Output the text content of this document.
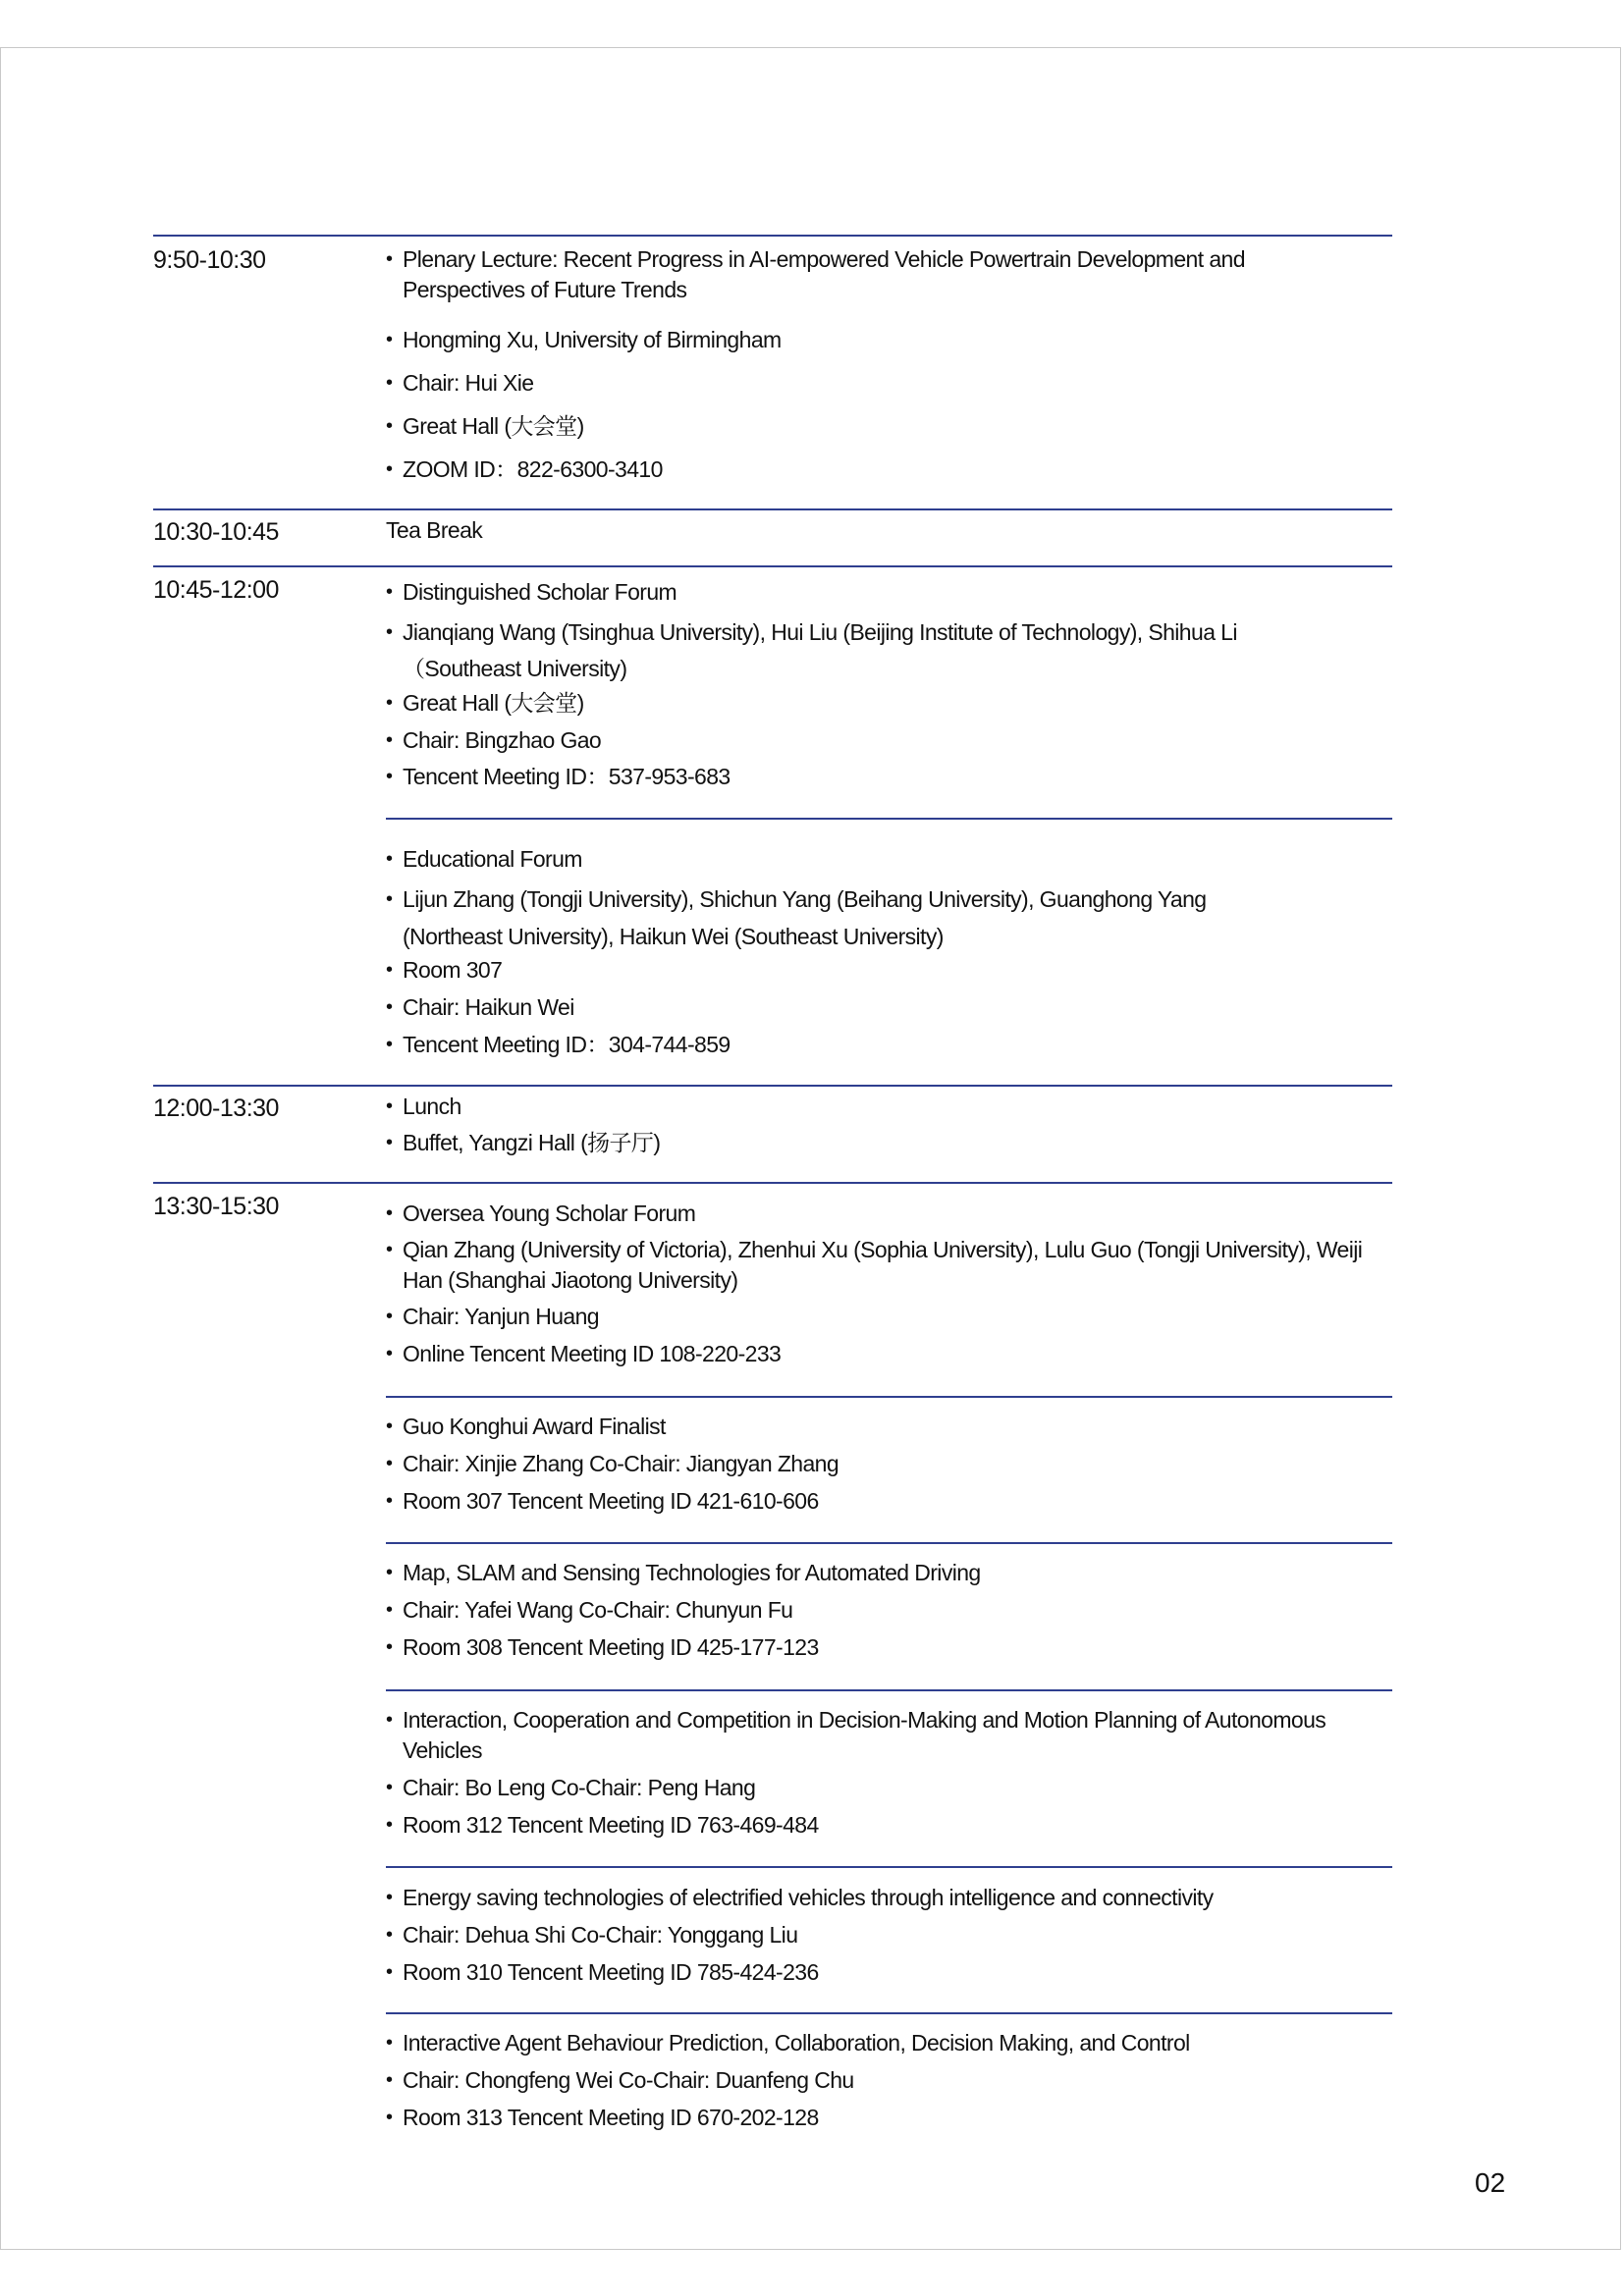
9:50-10:30	• Plenary Lecture: Recent Progress in AI-empowered Vehicle Powertrain Development and Perspectives of Future Trends
• Hongming Xu, University of Birmingham
• Chair: Hui Xie
• Great Hall (大会堂)
• ZOOM ID：822-6300-3410
10:30-10:45	Tea Break
10:45-12:00	• Distinguished Scholar Forum
• Jianqiang Wang (Tsinghua University), Hui Liu (Beijing Institute of Technology), Shihua Li （Southeast University)
• Great Hall (大会堂)
• Chair: Bingzhao Gao
• Tencent Meeting ID：537-953-683
• Educational Forum
• Lijun Zhang (Tongji University), Shichun Yang (Beihang University), Guanghong Yang (Northeast University), Haikun Wei (Southeast University)
• Room 307
• Chair: Haikun Wei
• Tencent Meeting ID：304-744-859
12:00-13:30	• Lunch
• Buffet, Yangzi Hall (扬子厅)
13:30-15:30	• Oversea Young Scholar Forum
• Qian Zhang (University of Victoria), Zhenhui Xu (Sophia University), Lulu Guo (Tongji University), Weiji Han (Shanghai Jiaotong University)
• Chair: Yanjun Huang
• Online Tencent Meeting ID 108-220-233
• Guo Konghui Award Finalist
• Chair: Xinjie Zhang Co-Chair: Jiangyan Zhang
• Room 307 Tencent Meeting ID 421-610-606
• Map, SLAM and Sensing Technologies for Automated Driving
• Chair: Yafei Wang Co-Chair: Chunyun Fu
• Room 308 Tencent Meeting ID 425-177-123
• Interaction, Cooperation and Competition in Decision-Making and Motion Planning of Autonomous Vehicles
• Chair: Bo Leng Co-Chair: Peng Hang
• Room 312 Tencent Meeting ID 763-469-484
• Energy saving technologies of electrified vehicles through intelligence and connectivity
• Chair: Dehua Shi Co-Chair: Yonggang Liu
• Room 310 Tencent Meeting ID 785-424-236
• Interactive Agent Behaviour Prediction, Collaboration, Decision Making, and Control
• Chair: Chongfeng Wei Co-Chair: Duanfeng Chu
• Room 313 Tencent Meeting ID 670-202-128
02
